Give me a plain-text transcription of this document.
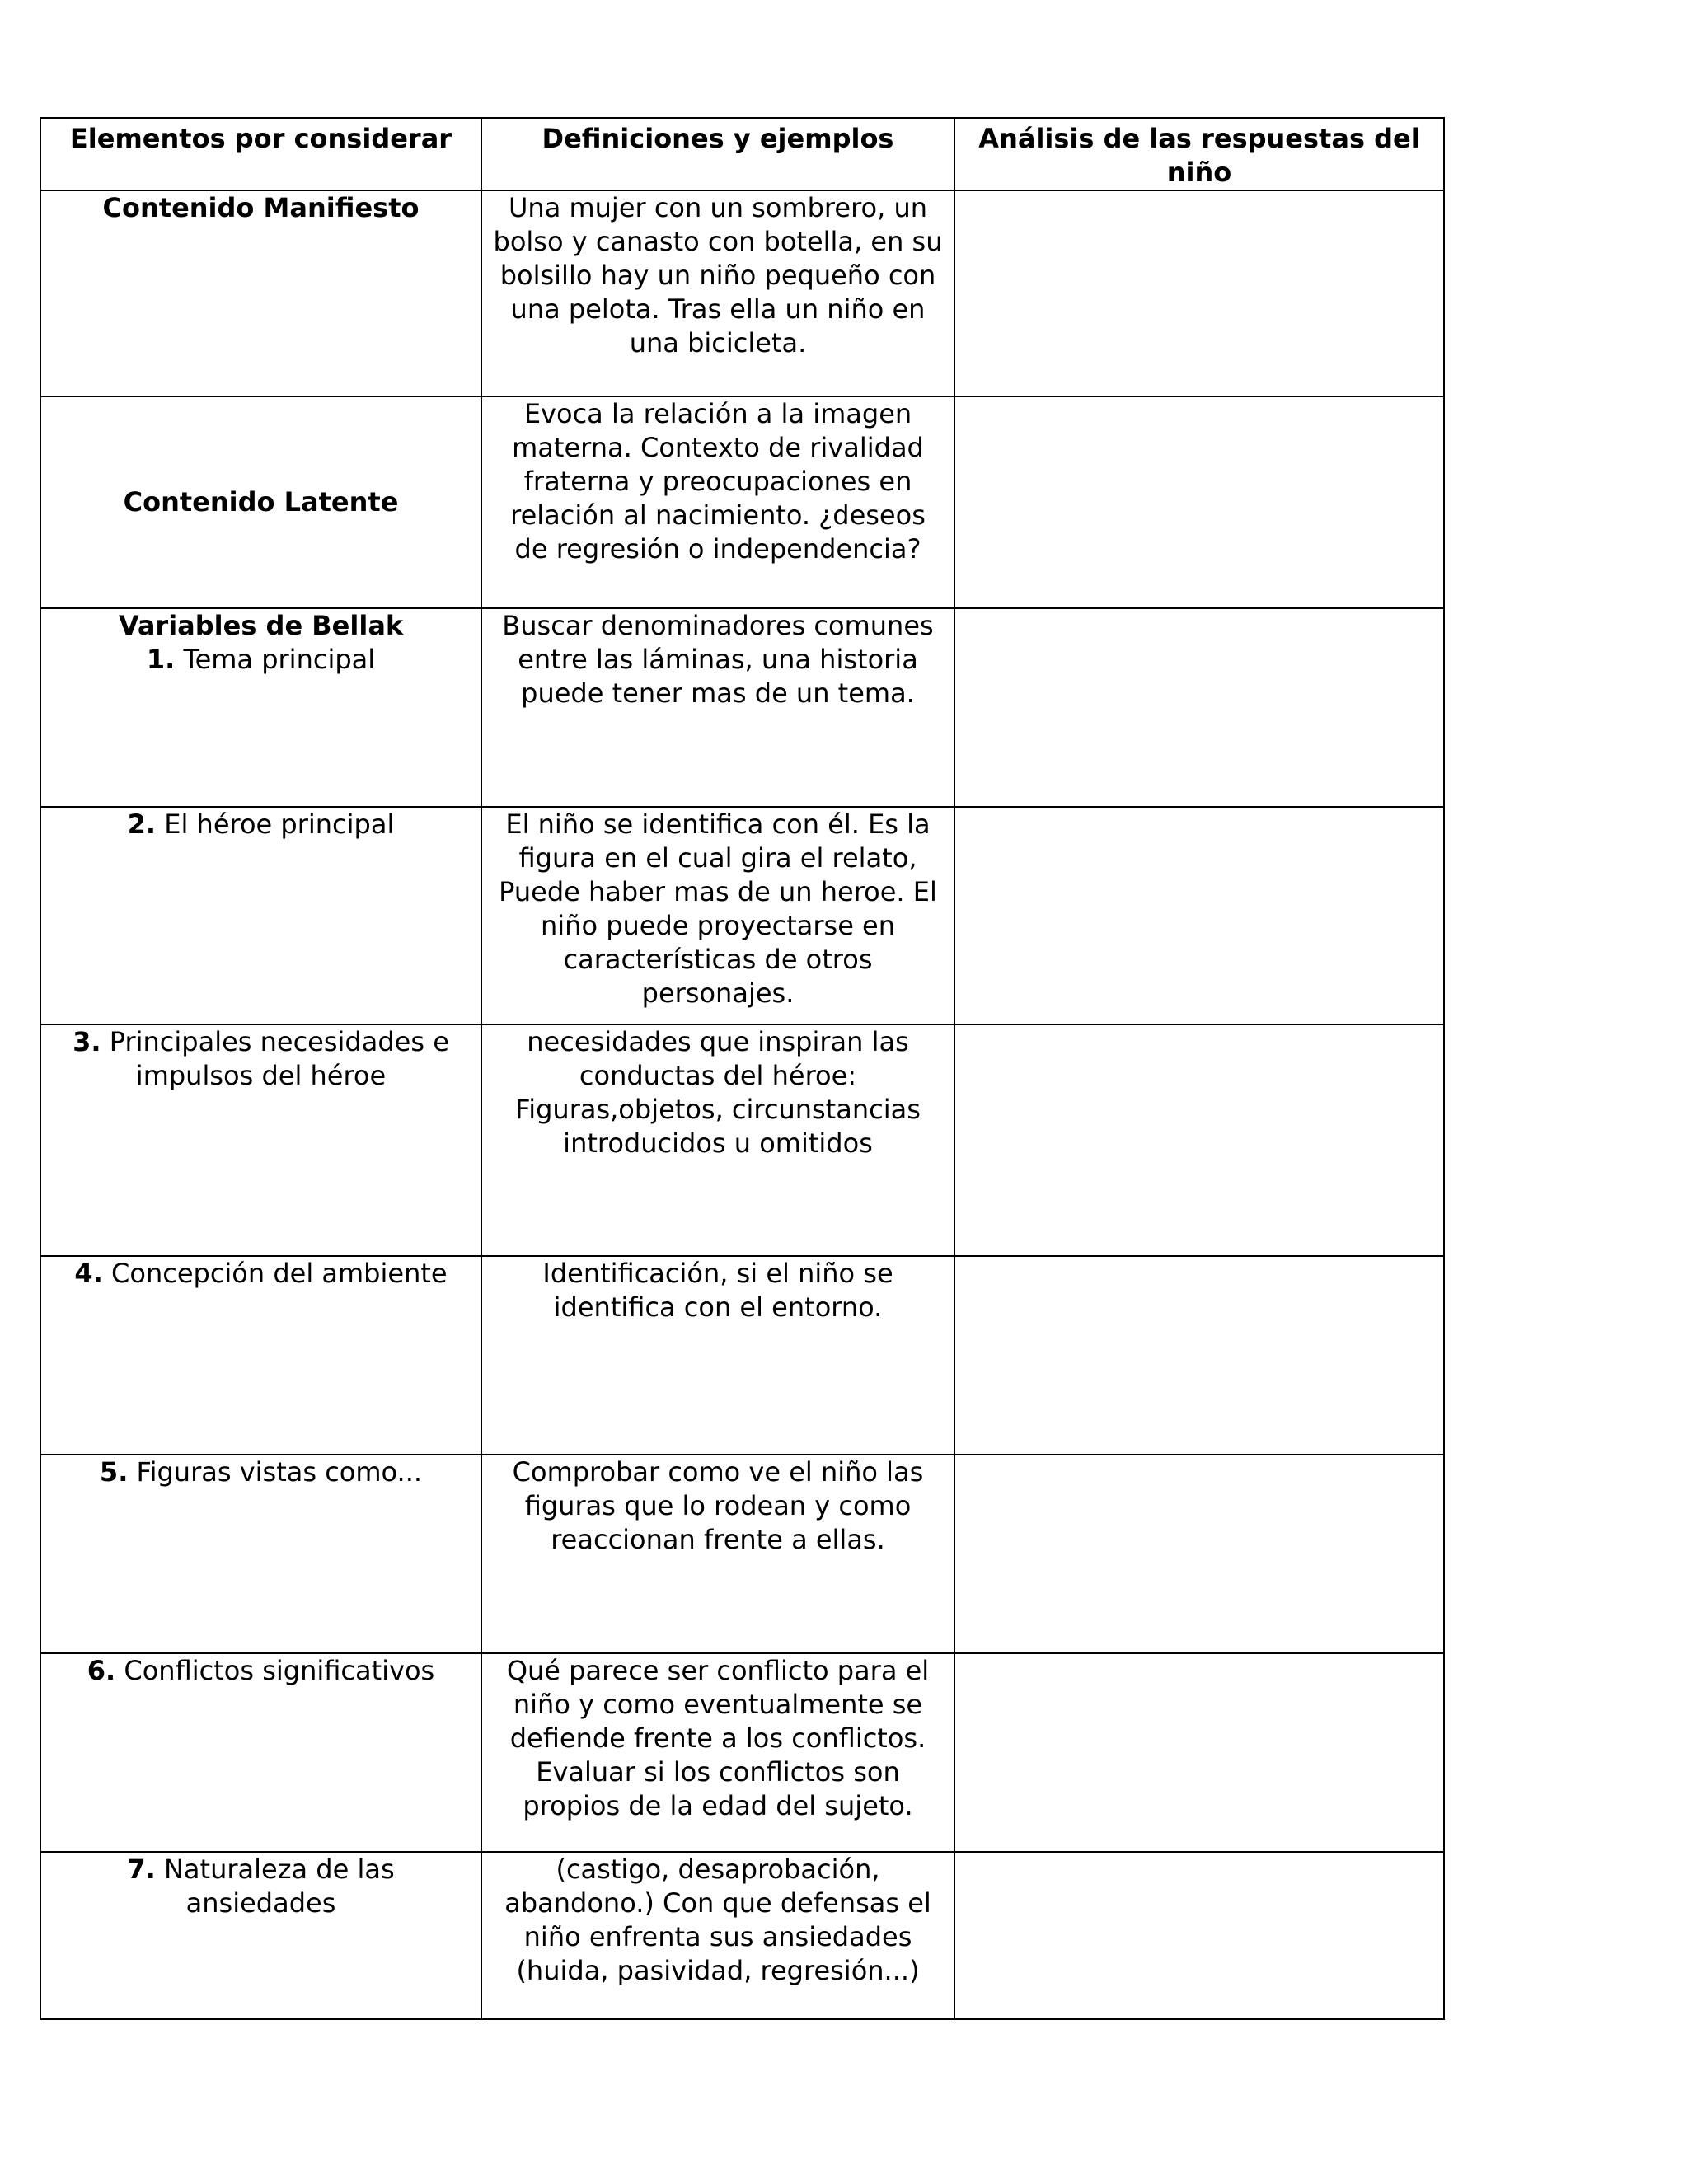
Elementos por considerar	Definiciones y ejemplos	Análisis de las respuestas del niño
Contenido Manifiesto	Una mujer con un sombrero, un bolso y canasto con botella, en su bolsillo hay un niño pequeño con una pelota. Tras ella un niño en una bicicleta.	
Contenido Latente	Evoca la relación a la imagen materna. Contexto de rivalidad fraterna y preocupaciones en relación al nacimiento. ¿deseos de regresión o independencia?	

Variables de Bellak
1. Tema principal	Buscar denominadores comunes entre las láminas, una historia puede tener mas de un tema.	
2. El héroe principal	El niño se identifica con él. Es la figura en el cual gira el relato, Puede haber mas de un heroe. El niño puede proyectarse en características de otros personajes.	
3. Principales necesidades e impulsos del héroe	necesidades que inspiran las conductas del héroe: Figuras,objetos, circunstancias introducidos u omitidos	
4. Concepción del ambiente	Identificación, si el niño se identifica con el entorno.	
5. Figuras vistas como...	Comprobar como ve el niño las figuras que lo rodean y como reaccionan frente a ellas.	
6. Conflictos significativos	Qué parece ser conflicto para el niño y como eventualmente se defiende frente a los conflictos. Evaluar si los conflictos son propios de la edad del sujeto.	
7. Naturaleza de las ansiedades	(castigo, desaprobación, abandono.) Con que defensas el niño enfrenta sus ansiedades (huida, pasividad, regresión...)	
